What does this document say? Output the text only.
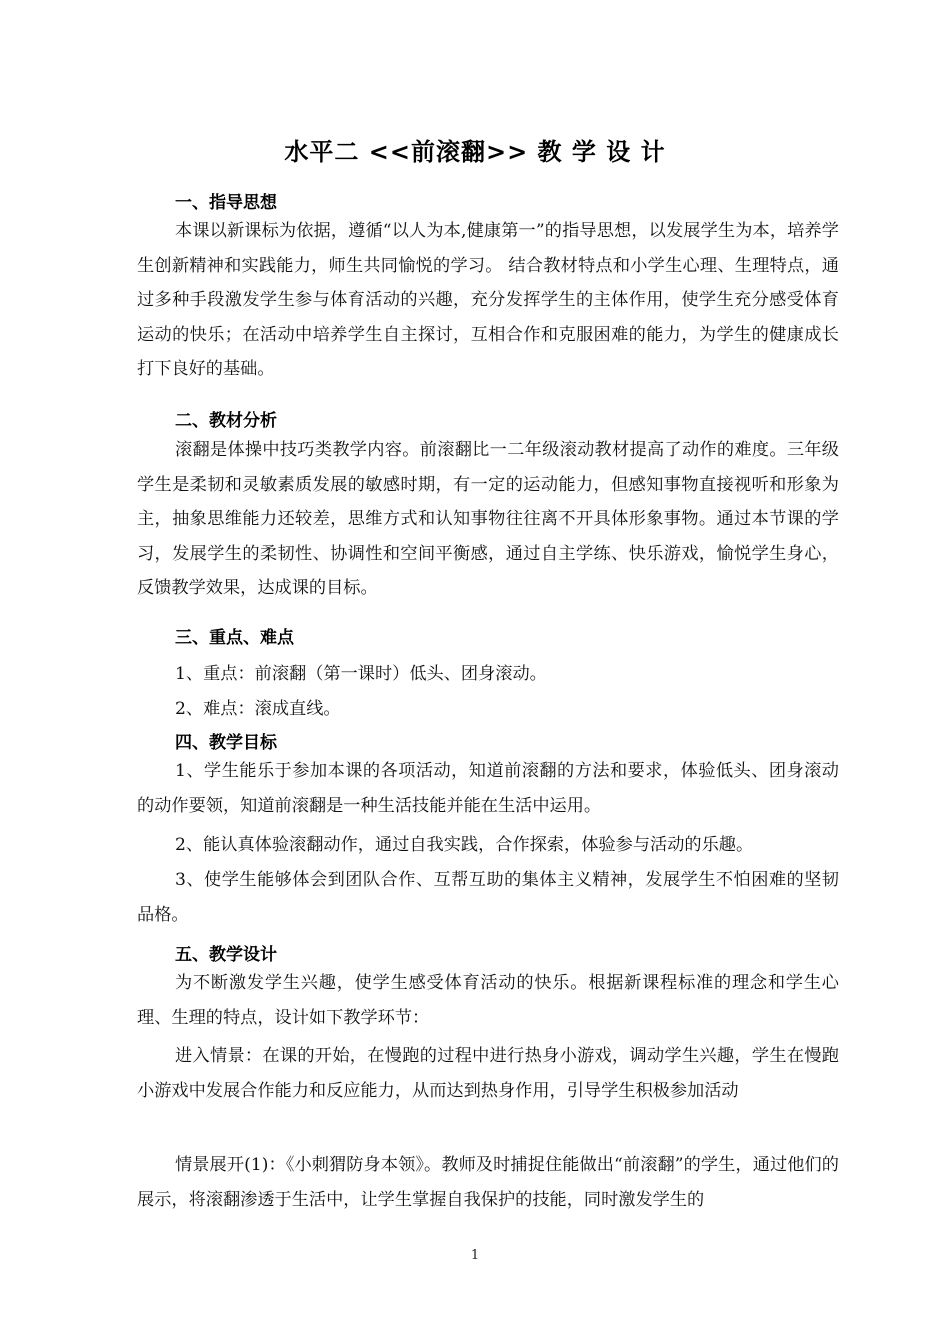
水平二 <<前滚翻>> 教 学 设 计
一、指导思想
本课以新课标为依据，遵循“以人为本,健康第一”的指导思想，以发展学生为本，培养学生创新精神和实践能力，师生共同愉悦的学习。 结合教材特点和小学生心理、生理特点，通过多种手段激发学生参与体育活动的兴趣，充分发挥学生的主体作用，使学生充分感受体育运动的快乐；在活动中培养学生自主探讨，互相合作和克服困难的能力，为学生的健康成长打下良好的基础。
二、教材分析
滚翻是体操中技巧类教学内容。前滚翻比一二年级滚动教材提高了动作的难度。三年级学生是柔韧和灵敏素质发展的敏感时期，有一定的运动能力，但感知事物直接视听和形象为主，抽象思维能力还较差，思维方式和认知事物往往离不开具体形象事物。通过本节课的学习，发展学生的柔韧性、协调性和空间平衡感，通过自主学练、快乐游戏，愉悦学生身心，反馈教学效果，达成课的目标。
三、重点、难点
1、重点：前滚翻（第一课时）低头、团身滚动。
2、难点：滚成直线。
四、教学目标
1、学生能乐于参加本课的各项活动，知道前滚翻的方法和要求，体验低头、团身滚动的动作要领，知道前滚翻是一种生活技能并能在生活中运用。
2、能认真体验滚翻动作，通过自我实践，合作探索，体验参与活动的乐趣。
3、使学生能够体会到团队合作、互帮互助的集体主义精神，发展学生不怕困难的坚韧品格。
五、教学设计
为不断激发学生兴趣，使学生感受体育活动的快乐。根据新课程标准的理念和学生心理、生理的特点，设计如下教学环节：
进入情景：在课的开始，在慢跑的过程中进行热身小游戏，调动学生兴趣，学生在慢跑小游戏中发展合作能力和反应能力，从而达到热身作用，引导学生积极参加活动
情景展开(1)：《小刺猬防身本领》。教师及时捕捉住能做出“前滚翻”的学生，通过他们的展示，将滚翻渗透于生活中，让学生掌握自我保护的技能，同时激发学生的
1
